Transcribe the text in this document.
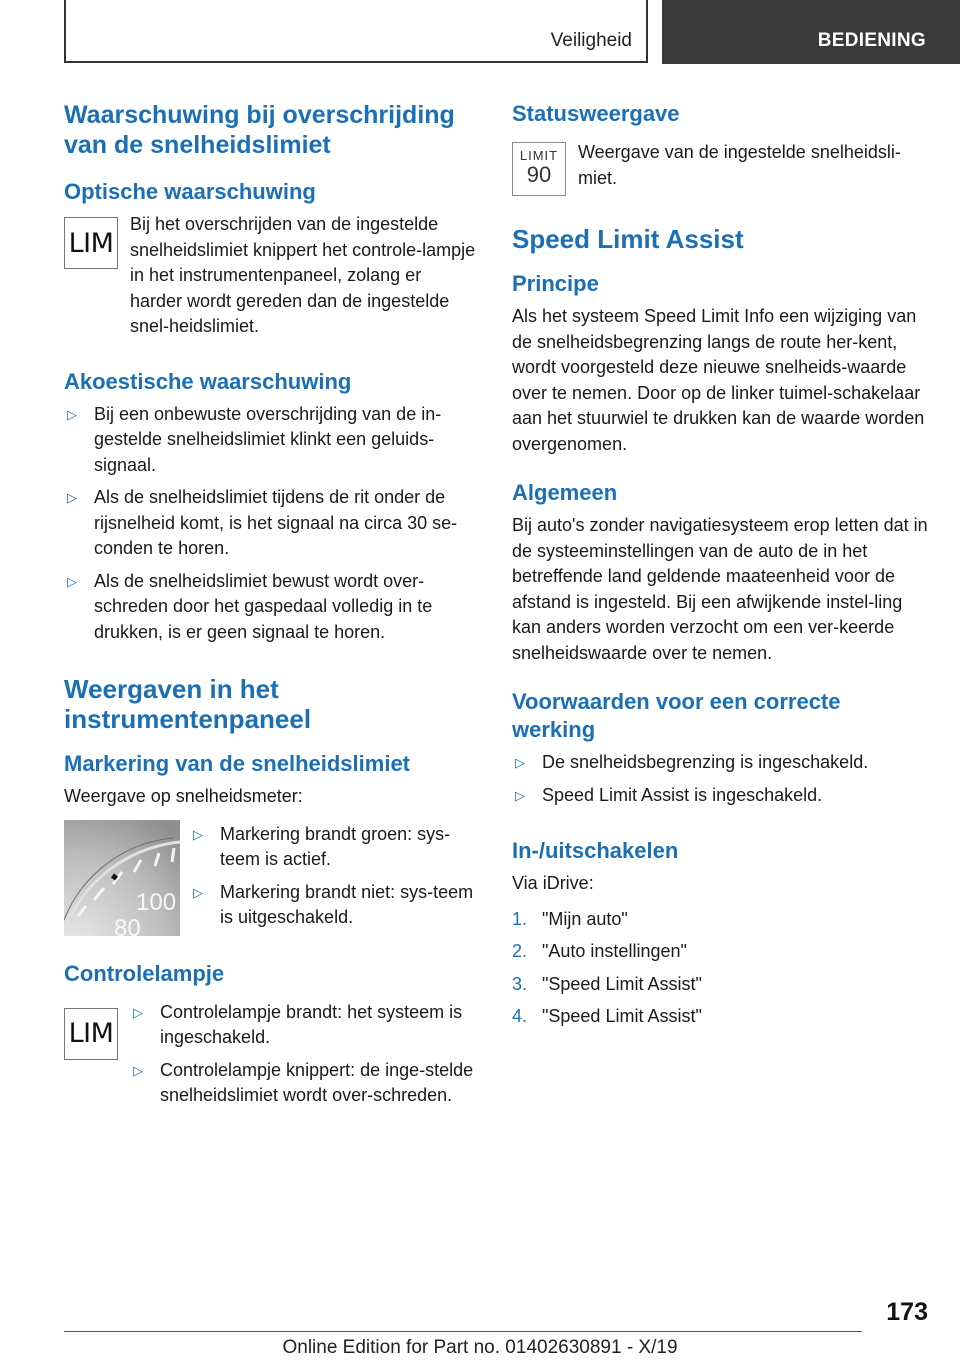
Veiligheid	BEDIENING
Waarschuwing bij overschrijding van de snelheidslimiet
Optische waarschuwing
LIM

Bij het overschrijden van de ingestelde snelheidslimiet knippert het controle-lampje in het instrumentenpaneel, zolang er harder wordt gereden dan de ingestelde snel-heidslimiet.

Akoestische waarschuwing
▷ Bij een onbewuste overschrijding van de in-gestelde snelheidslimiet klinkt een geluids-signaal.
▷ Als de snelheidslimiet tijdens de rit onder de rijsnelheid komt, is het signaal na circa 30 se-conden te horen.
▷ Als de snelheidslimiet bewust wordt over-schreden door het gaspedaal volledig in te drukken, is er geen signaal te horen.
Weergaven in het instrumentenpaneel
Markering van de snelheidslimiet

Weergave op snelheidsmeter:

100
80
▷ Markering brandt groen: sys-teem is actief.
▷ Markering brandt niet: sys-teem is uitgeschakeld.
Controlelampje
LIM
▷ Controlelampje brandt: het systeem is ingeschakeld.
▷ Controlelampje knippert: de inge-stelde snelheidslimiet wordt over-schreden.
Statusweergave
LIMIT
90

Weergave van de ingestelde snelheidsli-miet.

Speed Limit Assist
Principe

Als het systeem Speed Limit Info een wijziging van de snelheidsbegrenzing langs de route her-kent, wordt voorgesteld deze nieuwe snelheids-waarde over te nemen. Door op de linker tuimel-schakelaar aan het stuurwiel te drukken kan de waarde worden overgenomen.

Algemeen

Bij auto's zonder navigatiesysteem erop letten dat in de systeeminstellingen van de auto de in het betreffende land geldende maateenheid voor de afstand is ingesteld. Bij een afwijkende instel-ling kan anders worden verzocht om een ver-keerde snelheidswaarde over te nemen.

Voorwaarden voor een correcte werking
▷ De snelheidsbegrenzing is ingeschakeld.
▷ Speed Limit Assist is ingeschakeld.
In-/uitschakelen

Via iDrive:

1. "Mijn auto"
2. "Auto instellingen"
3. "Speed Limit Assist"
4. "Speed Limit Assist"
173
Online Edition for Part no. 01402630891 - X/19
